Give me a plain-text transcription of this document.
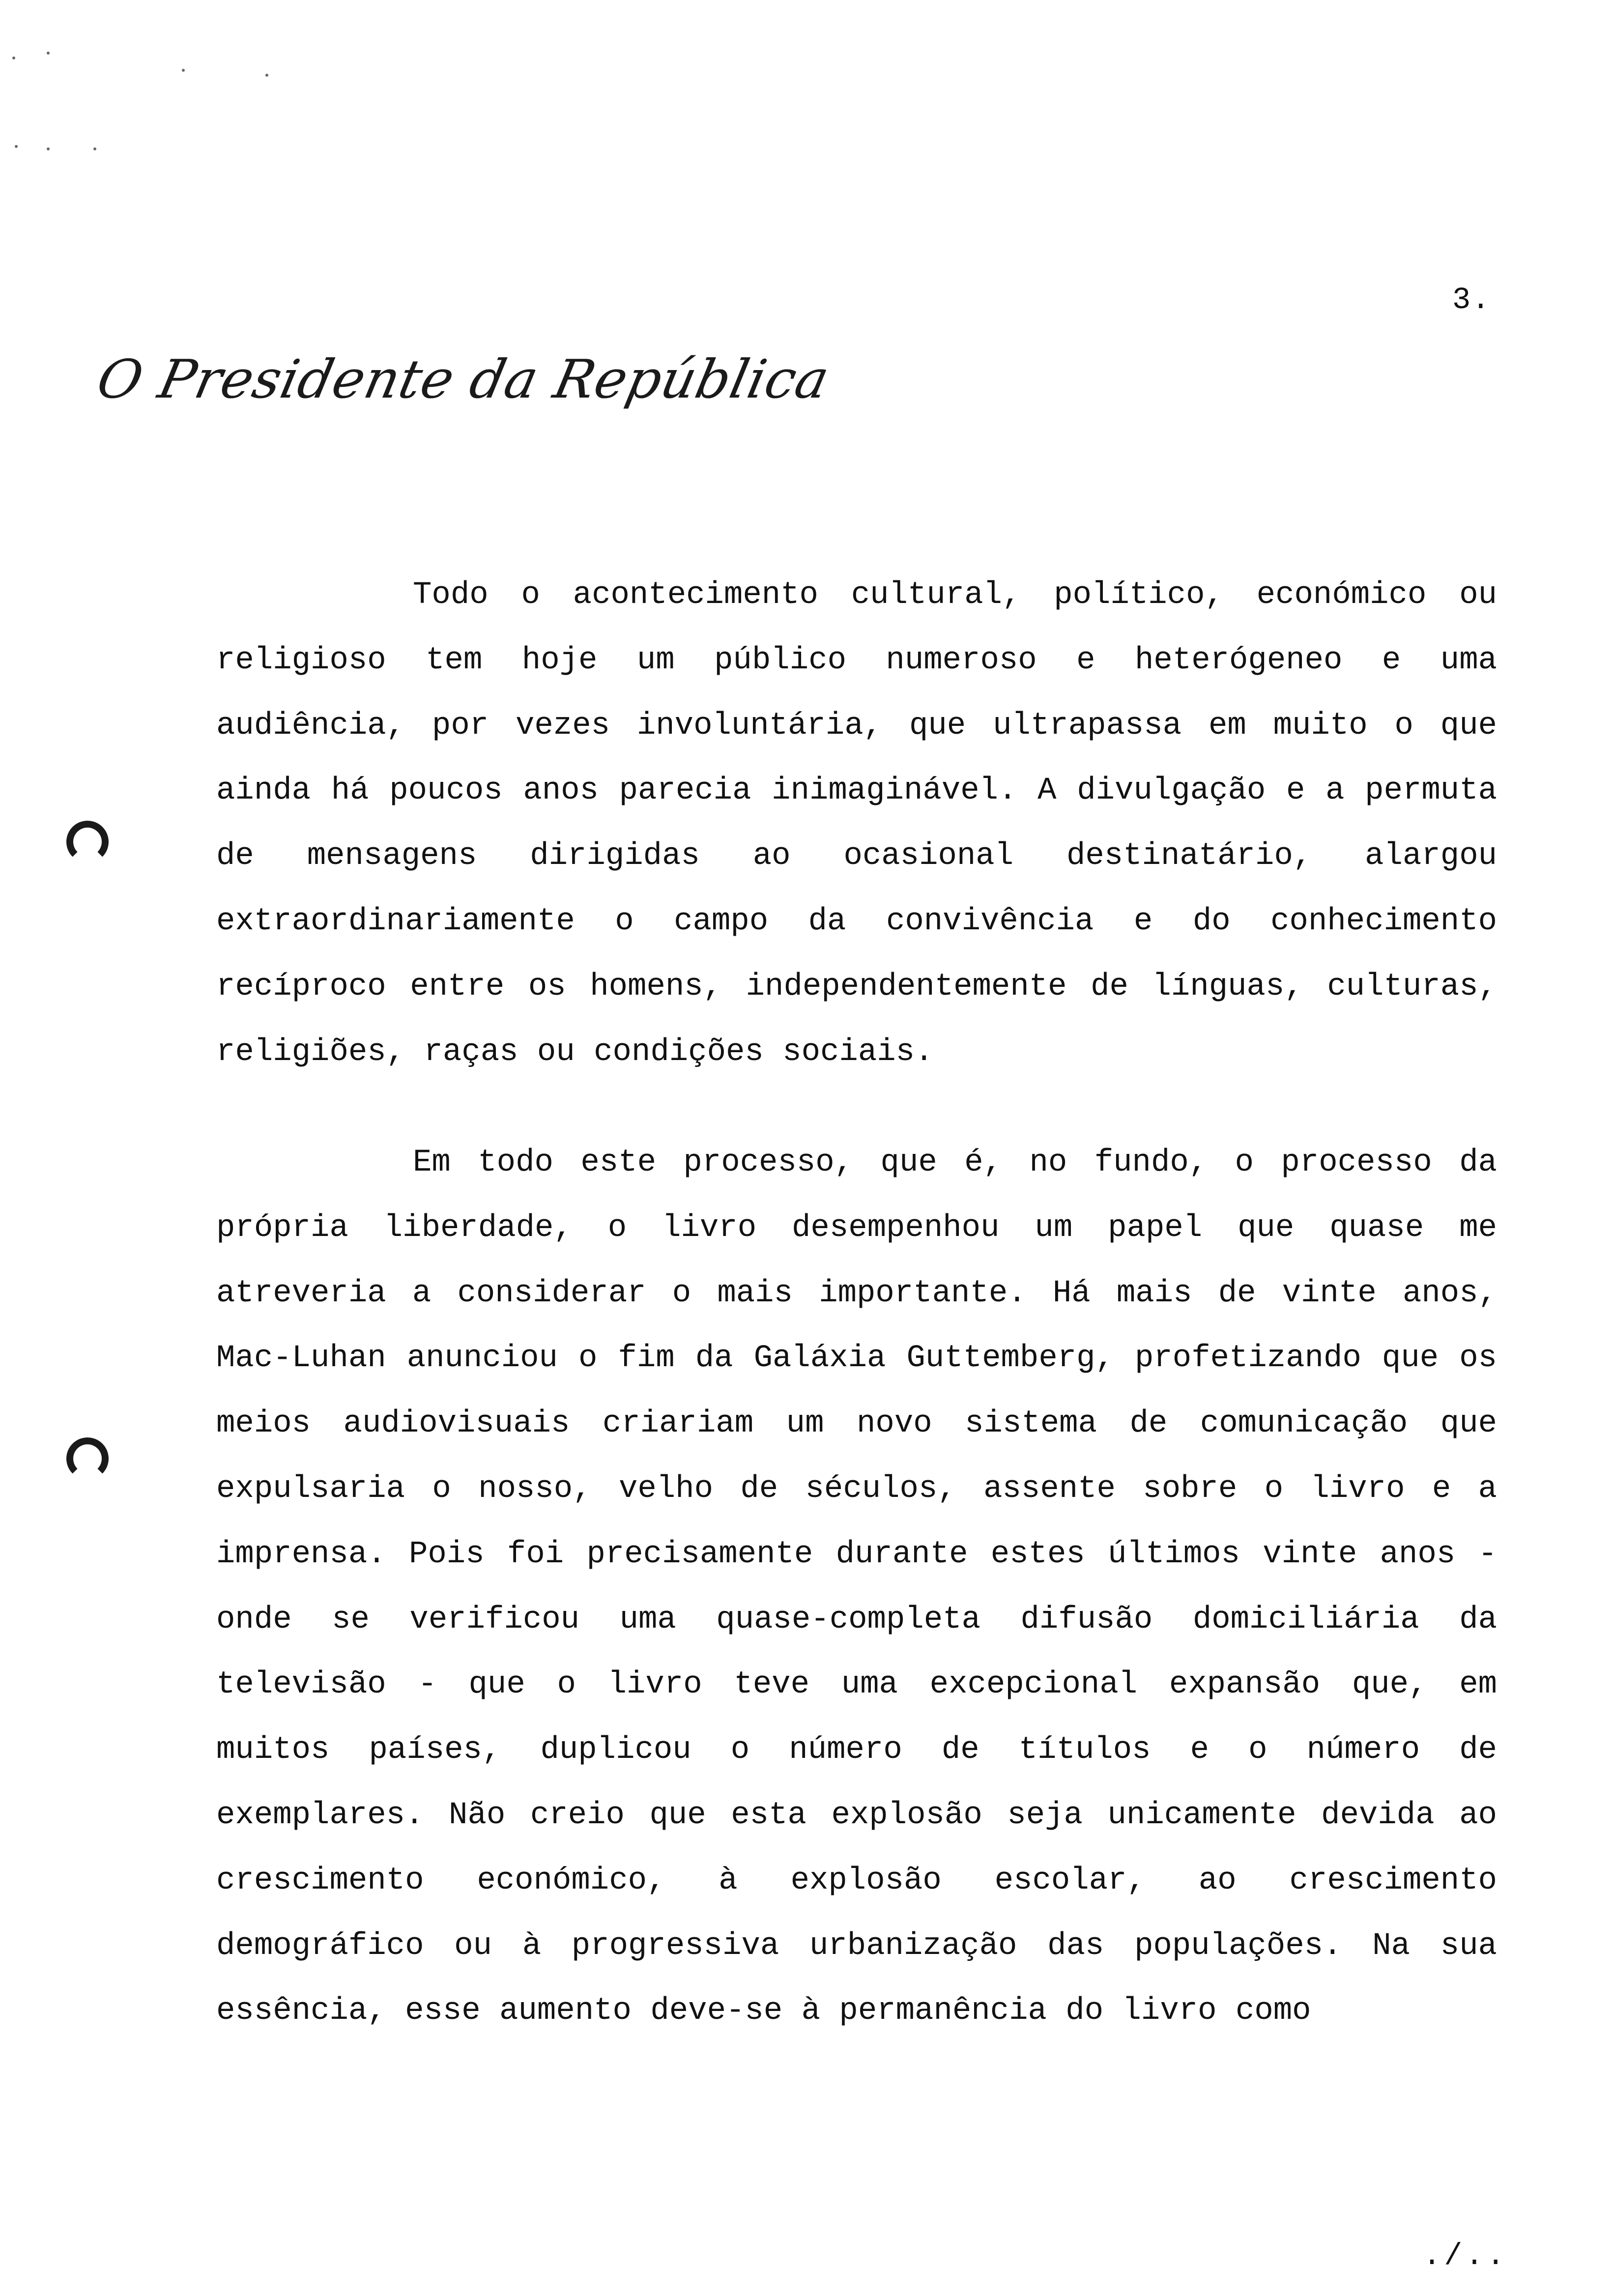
3.
O Presidente da República

Todo o acontecimento cultural, político, económico ou religioso tem hoje um público numeroso e heterógeneo e uma audiência, por vezes involuntária, que ultrapassa em muito o que ainda há poucos anos parecia inimaginável. A divulgação e a permuta de mensagens dirigidas ao ocasional destinatário, alargou extraordinariamente o campo da convivência e do conhecimento recíproco entre os homens, independentemente de línguas, culturas, religiões, raças ou condições sociais.

Em todo este processo, que é, no fundo, o processo da própria liberdade, o livro desempenhou um papel que quase me atreveria a considerar o mais importante. Há mais de vinte anos, Mac-Luhan anunciou o fim da Galáxia Guttemberg, profetizando que os meios audiovisuais criariam um novo sistema de comunicação que expulsaria o nosso, velho de séculos, assente sobre o livro e a imprensa. Pois foi precisamente durante estes últimos vinte anos - onde se verificou uma quase-completa difusão domiciliária da televisão - que o livro teve uma excepcional expansão que, em muitos países, duplicou o número de títulos e o número de exemplares. Não creio que esta explosão seja unicamente devida ao crescimento económico, à explosão escolar, ao crescimento demográfico ou à progressiva urbanização das populações. Na sua essência, esse aumento deve-se à permanência do livro como

./..
